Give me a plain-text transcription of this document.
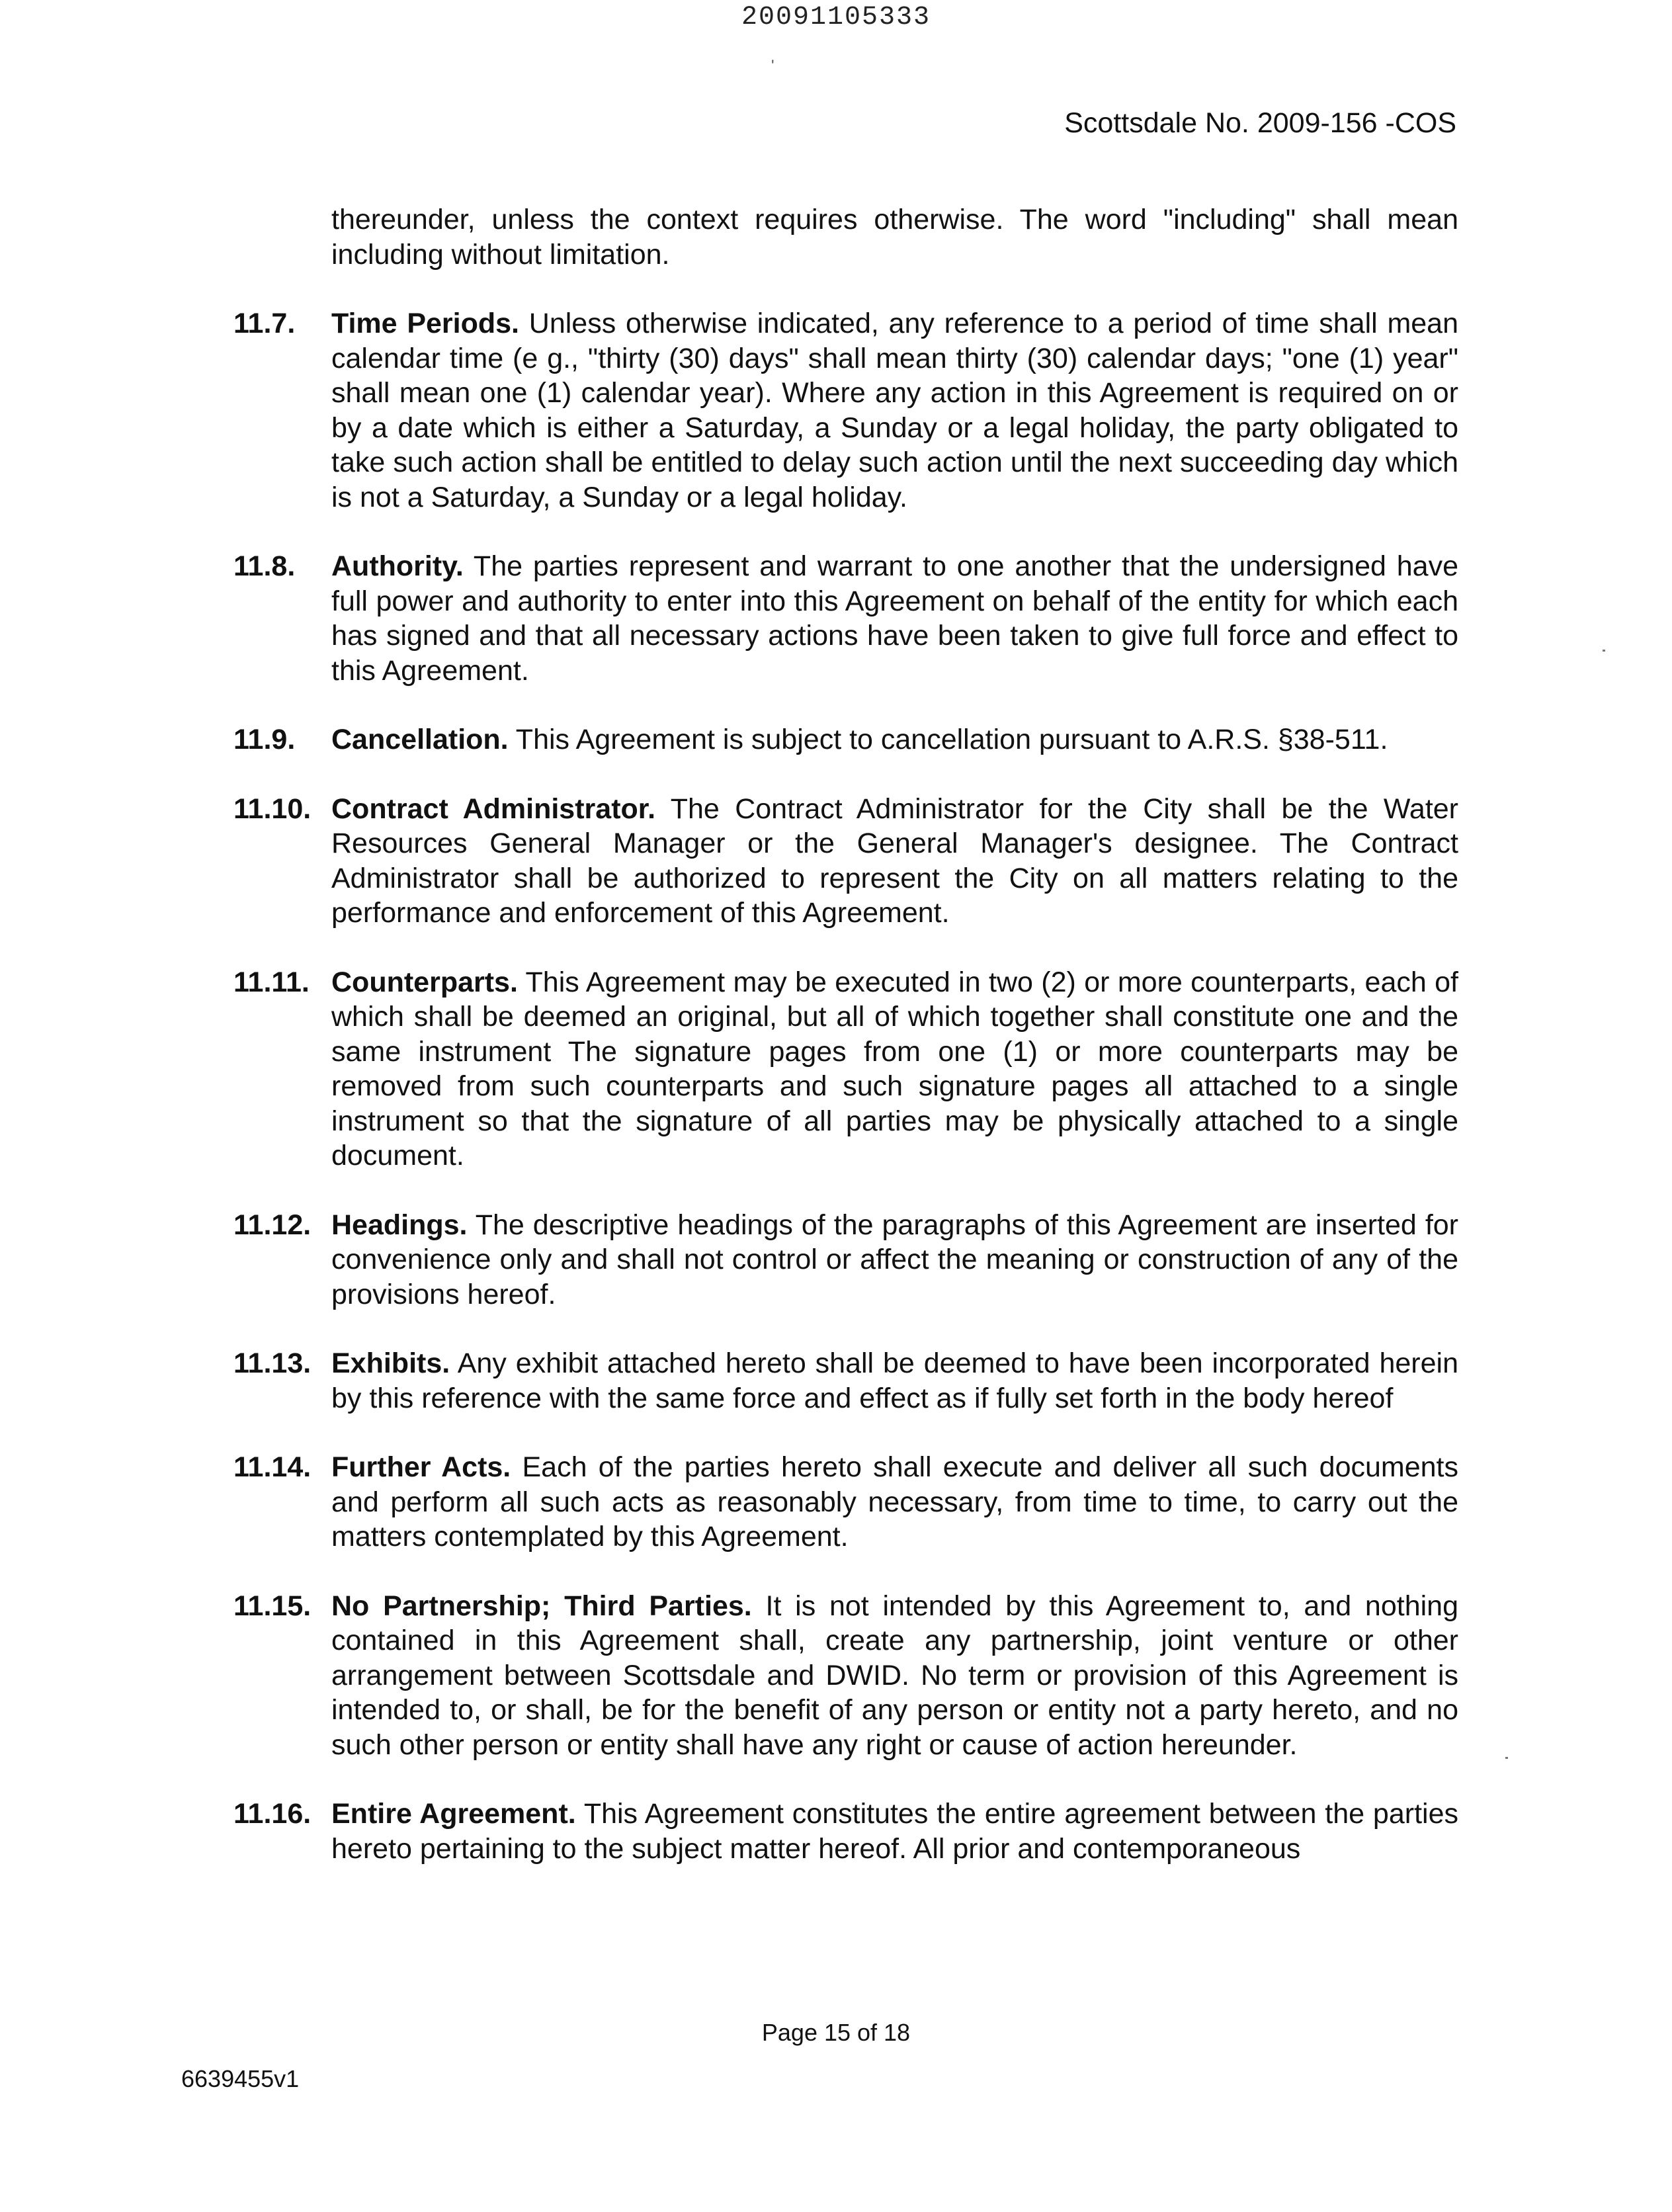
20091105333
'
Scottsdale No. 2009-156 -COS
thereunder, unless the context requires otherwise. The word "including" shall mean including without limitation.
11.7.	Time Periods. Unless otherwise indicated, any reference to a period of time shall mean calendar time (e g., "thirty (30) days" shall mean thirty (30) calendar days; "one (1) year" shall mean one (1) calendar year). Where any action in this Agreement is required on or by a date which is either a Saturday, a Sunday or a legal holiday, the party obligated to take such action shall be entitled to delay such action until the next succeeding day which is not a Saturday, a Sunday or a legal holiday.
11.8.	Authority. The parties represent and warrant to one another that the undersigned have full power and authority to enter into this Agreement on behalf of the entity for which each has signed and that all necessary actions have been taken to give full force and effect to this Agreement.
11.9.	Cancellation. This Agreement is subject to cancellation pursuant to A.R.S. §38-511.
11.10. Contract Administrator. The Contract Administrator for the City shall be the Water Resources General Manager or the General Manager's designee. The Contract Administrator shall be authorized to represent the City on all matters relating to the performance and enforcement of this Agreement.
11.11. Counterparts. This Agreement may be executed in two (2) or more counterparts, each of which shall be deemed an original, but all of which together shall constitute one and the same instrument The signature pages from one (1) or more counterparts may be removed from such counterparts and such signature pages all attached to a single instrument so that the signature of all parties may be physically attached to a single document.
11.12. Headings. The descriptive headings of the paragraphs of this Agreement are inserted for convenience only and shall not control or affect the meaning or construction of any of the provisions hereof.
11.13. Exhibits. Any exhibit attached hereto shall be deemed to have been incorporated herein by this reference with the same force and effect as if fully set forth in the body hereof
11.14. Further Acts. Each of the parties hereto shall execute and deliver all such documents and perform all such acts as reasonably necessary, from time to time, to carry out the matters contemplated by this Agreement.
11.15. No Partnership; Third Parties. It is not intended by this Agreement to, and nothing contained in this Agreement shall, create any partnership, joint venture or other arrangement between Scottsdale and DWID. No term or provision of this Agreement is intended to, or shall, be for the benefit of any person or entity not a party hereto, and no such other person or entity shall have any right or cause of action hereunder.
11.16. Entire Agreement. This Agreement constitutes the entire agreement between the parties hereto pertaining to the subject matter hereof. All prior and contemporaneous
Page 15 of 18
6639455v1
